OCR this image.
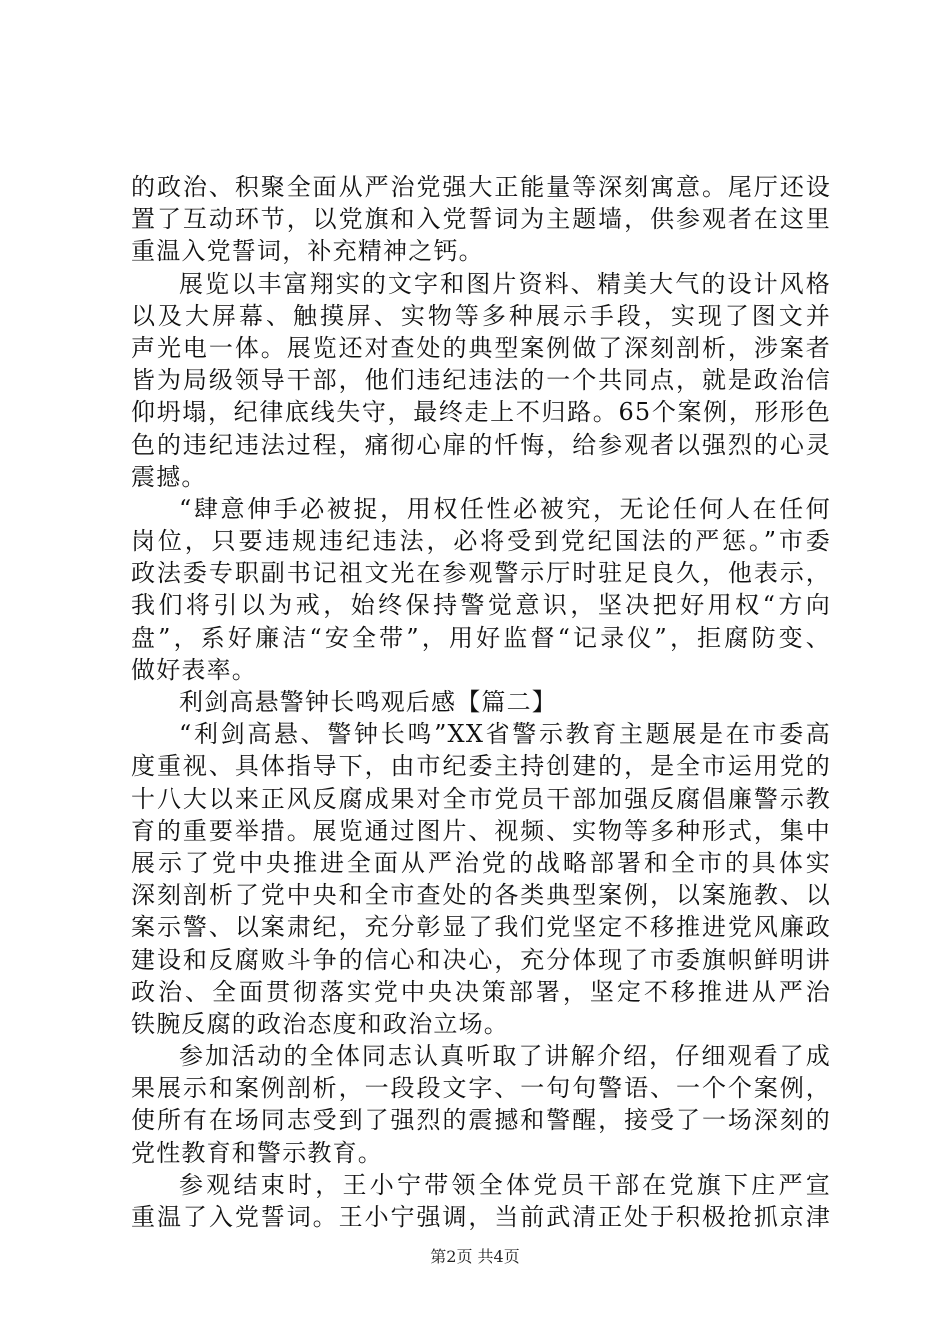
的政治、积聚全面从严治党强大正能量等深刻寓意。尾厅还设
置了互动环节，以党旗和入党誓词为主题墙，供参观者在这里
重温入党誓词，补充精神之钙。
展览以丰富翔实的文字和图片资料、精美大气的设计风格
以及大屏幕、触摸屏、实物等多种展示手段，实现了图文并
声光电一体。展览还对查处的典型案例做了深刻剖析，涉案者
皆为局级领导干部，他们违纪违法的一个共同点，就是政治信
仰坍塌，纪律底线失守，最终走上不归路。65个案例，形形色
色的违纪违法过程，痛彻心扉的忏悔，给参观者以强烈的心灵
震撼。
“肆意伸手必被捉，用权任性必被究，无论任何人在任何
岗位，只要违规违纪违法，必将受到党纪国法的严惩。”市委
政法委专职副书记祖文光在参观警示厅时驻足良久，他表示，
我们将引以为戒，始终保持警觉意识，坚决把好用权“方向
盘”，系好廉洁“安全带”，用好监督“记录仪”，拒腐防变、
做好表率。
利剑高悬警钟长鸣观后感【篇二】
“利剑高悬、警钟长鸣”XX省警示教育主题展是在市委高
度重视、具体指导下，由市纪委主持创建的，是全市运用党的
十八大以来正风反腐成果对全市党员干部加强反腐倡廉警示教
育的重要举措。展览通过图片、视频、实物等多种形式，集中
展示了党中央推进全面从严治党的战略部署和全市的具体实
深刻剖析了党中央和全市查处的各类典型案例，以案施教、以
案示警、以案肃纪，充分彰显了我们党坚定不移推进党风廉政
建设和反腐败斗争的信心和决心，充分体现了市委旗帜鲜明讲
政治、全面贯彻落实党中央决策部署，坚定不移推进从严治
铁腕反腐的政治态度和政治立场。
参加活动的全体同志认真听取了讲解介绍，仔细观看了成
果展示和案例剖析，一段段文字、一句句警语、一个个案例，
使所有在场同志受到了强烈的震撼和警醒，接受了一场深刻的
党性教育和警示教育。
参观结束时，王小宁带领全体党员干部在党旗下庄严宣
重温了入党誓词。王小宁强调，当前武清正处于积极抢抓京津
第2页 共4页
